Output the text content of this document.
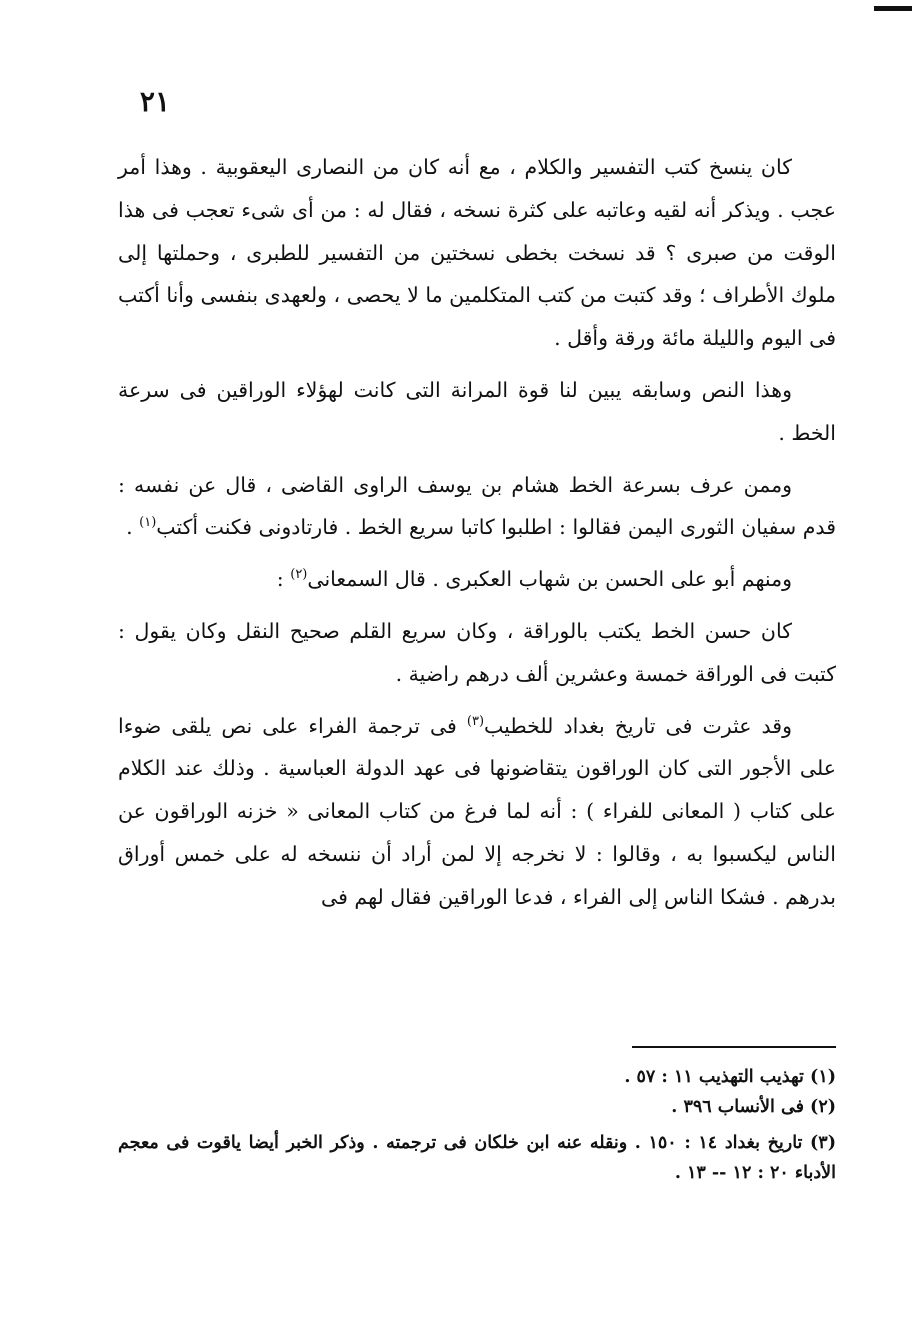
٢١

كان ينسخ كتب التفسير والكلام ، مع أنه كان من النصارى اليعقوبية . وهذا أمر عجب . ويذكر أنه لقيه وعاتبه على كثرة نسخه ، فقال له : من أى شىء تعجب فى هذا الوقت من صبرى ؟ قد نسخت بخطى نسختين من التفسير للطبرى ، وحملتها إلى ملوك الأطراف ؛ وقد كتبت من كتب المتكلمين ما لا يحصى ، ولعهدى بنفسى وأنا أكتب فى اليوم والليلة مائة ورقة وأقل .

وهذا النص وسابقه يبين لنا قوة المرانة التى كانت لهؤلاء الوراقين فى سرعة الخط .

وممن عرف بسرعة الخط هشام بن يوسف الراوى القاضى ، قال عن نفسه : قدم سفيان الثورى اليمن فقالوا : اطلبوا كاتبا سريع الخط . فارتادونى فكنت أكتب$^{(١)}$ .

ومنهم أبو على الحسن بن شهاب العكبرى . قال السمعانى$^{(٢)}$ :

كان حسن الخط يكتب بالوراقة ، وكان سريع القلم صحيح النقل وكان يقول : كتبت فى الوراقة خمسة وعشرين ألف درهم راضية .

وقد عثرت فى تاريخ بغداد للخطيب$^{(٣)}$ فى ترجمة الفراء على نص يلقى ضوءا على الأجور التى كان الوراقون يتقاضونها فى عهد الدولة العباسية . وذلك عند الكلام على كتاب ( المعانى للفراء ) : أنه لما فرغ من كتاب المعانى « خزنه الوراقون عن الناس ليكسبوا به ، وقالوا : لا نخرجه إلا لمن أراد أن ننسخه له على خمس أوراق بدرهم . فشكا الناس إلى الفراء ، فدعا الوراقين فقال لهم فى

(١) تهذيب التهذيب ١١ : ٥٧ .

(٢) فى الأنساب ٣٩٦ .

(٣) تاريخ بغداد ١٤ : ١٥٠ . ونقله عنه ابن خلكان فى ترجمته . وذكر الخبر أيضا ياقوت فى معجم الأدباء ٢٠ : ١٢ -- ١٣ .
